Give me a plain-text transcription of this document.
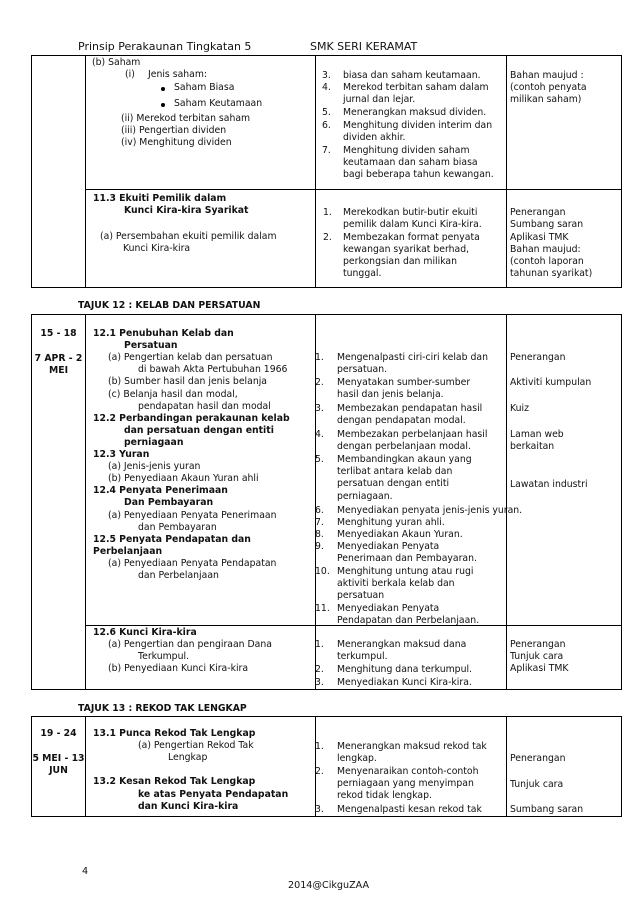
Prinsip Perakaunan Tingkatan 5	SMK SERI KERAMAT
(b) Saham
(i) Jenis saham:
Saham Biasa
Saham Keutamaan
(ii) Merekod terbitan saham
(iii) Pengertian dividen
(iv) Menghitung dividen
3. biasa dan saham keutamaan.
4. Merekod terbitan saham dalam
jurnal dan lejar.
5. Menerangkan maksud dividen.
6. Menghitung dividen interim dan
dividen akhir.
7. Menghitung dividen saham
keutamaan dan saham biasa
bagi beberapa tahun kewangan.
Bahan maujud :
(contoh penyata
milikan saham)
11.3 Ekuiti Pemilik dalam
Kunci Kira-kira Syarikat
(a) Persembahan ekuiti pemilik dalam
Kunci Kira-kira
1. Merekodkan butir-butir ekuiti
pemilik dalam Kunci Kira-kira.
2. Membezakan format penyata
kewangan syarikat berhad,
perkongsian dan milikan
tunggal.
Penerangan
Sumbang saran
Aplikasi TMK
Bahan maujud:
(contoh laporan
tahunan syarikat)
TAJUK 12 : KELAB DAN PERSATUAN
15 - 18
7 APR - 2
MEI
12.1 Penubuhan Kelab dan
Persatuan
(a) Pengertian kelab dan persatuan
di bawah Akta Pertubuhan 1966
(b) Sumber hasil dan jenis belanja
(c) Belanja hasil dan modal,
pendapatan hasil dan modal
12.2 Perbandingan perakaunan kelab
dan persatuan dengan entiti
perniagaan
12.3 Yuran
(a) Jenis-jenis yuran
(b) Penyediaan Akaun Yuran ahli
12.4 Penyata Penerimaan
Dan Pembayaran
(a) Penyediaan Penyata Penerimaan
dan Pembayaran
12.5 Penyata Pendapatan dan
Perbelanjaan
(a) Penyediaan Penyata Pendapatan
dan Perbelanjaan
1. Mengenalpasti ciri-ciri kelab dan
persatuan.
2. Menyatakan sumber-sumber
hasil dan jenis belanja.
3. Membezakan pendapatan hasil
dengan pendapatan modal.
4. Membezakan perbelanjaan hasil
dengan perbelanjaan modal.
5. Membandingkan akaun yang
terlibat antara kelab dan
persatuan dengan entiti
perniagaan.
6. Menyediakan penyata jenis-jenis yuran.
7. Menghitung yuran ahli.
8. Menyediakan Akaun Yuran.
9. Menyediakan Penyata
Penerimaan dan Pembayaran.
10. Menghitung untung atau rugi
aktiviti berkala kelab dan
persatuan
11. Menyediakan Penyata
Pendapatan dan Perbelanjaan.
Penerangan
Aktiviti kumpulan
Kuiz
Laman web
berkaitan
Lawatan industri
12.6 Kunci Kira-kira
(a) Pengertian dan pengiraan Dana
Terkumpul.
(b) Penyediaan Kunci Kira-kira
1. Menerangkan maksud dana
terkumpul.
2. Menghitung dana terkumpul.
3. Menyediakan Kunci Kira-kira.
Penerangan
Tunjuk cara
Aplikasi TMK
TAJUK 13 : REKOD TAK LENGKAP
19 - 24
5 MEI - 13
JUN
13.1 Punca Rekod Tak Lengkap
(a) Pengertian Rekod Tak
Lengkap
13.2 Kesan Rekod Tak Lengkap
ke atas Penyata Pendapatan
dan Kunci Kira-kira
1. Menerangkan maksud rekod tak
lengkap.
2. Menyenaraikan contoh-contoh
perniagaan yang menyimpan
rekod tidak lengkap.
3. Mengenalpasti kesan rekod tak
Penerangan
Tunjuk cara
Sumbang saran
4
2014@CikguZAA
